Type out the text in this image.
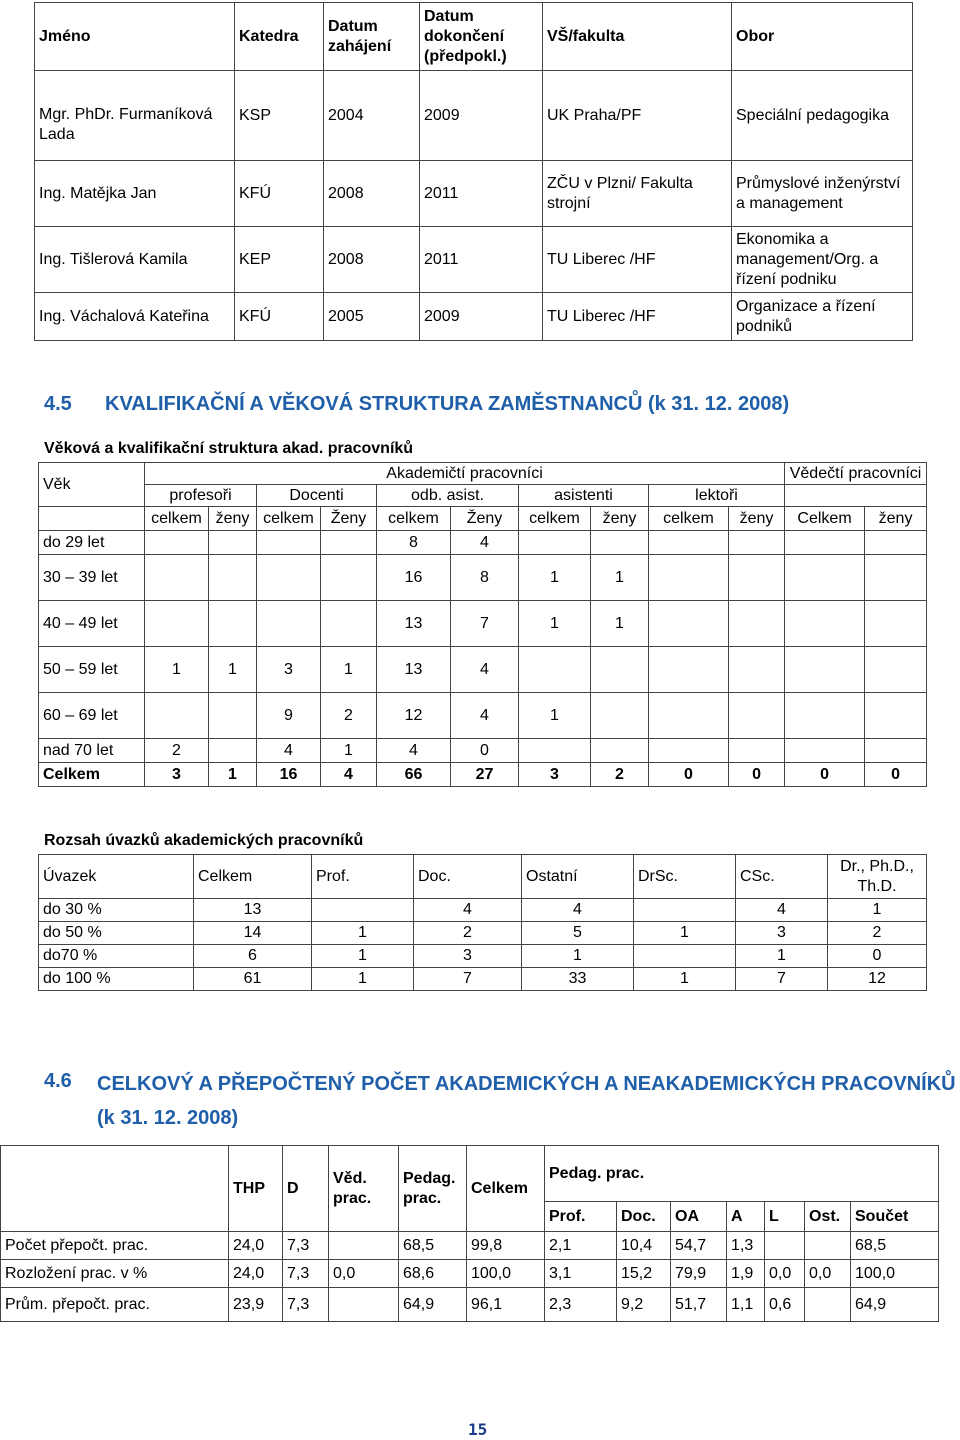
Jméno	Katedra	Datum zahájení	Datum dokončení (předpokl.)	VŠ/fakulta	Obor
Mgr. PhDr. Furmaníková Lada	KSP	2004	2009	UK Praha/PF	Speciální pedagogika
Ing. Matějka Jan	KFÚ	2008	2011	ZČU v Plzni/ Fakulta strojní	Průmyslové inženýrství a management
Ing. Tišlerová Kamila	KEP	2008	2011	TU Liberec /HF	Ekonomika a management/Org. a řízení podniku
Ing. Váchalová Kateřina	KFÚ	2005	2009	TU Liberec /HF	Organizace a řízení podniků
4.5 KVALIFIKAČNÍ A VĚKOVÁ STRUKTURA ZAMĚSTNANCŮ (k 31. 12. 2008)
Věková a kvalifikační struktura akad. pracovníků
Věk	Akademičtí pracovníci										Vědečtí pracovníci	
	profesoři		Docenti		odb. asist.		asistenti		lektoři			
	celkem	ženy	celkem	Ženy	celkem	Ženy	celkem	ženy	celkem	ženy	Celkem	ženy
do 29 let					8	4						
30 – 39 let					16	8	1	1				
40 – 49 let					13	7	1	1				
50 – 59 let	1	1	3	1	13	4						
60 – 69 let			9	2	12	4	1					
nad 70 let	2		4	1	4	0						
Celkem	3	1	16	4	66	27	3	2	0	0	0	0
Rozsah úvazků akademických pracovníků
Úvazek	Celkem	Prof.	Doc.	Ostatní	DrSc.	CSc.	Dr., Ph.D., Th.D.
do 30 %	13		4	4		4	1
do 50 %	14	1	2	5	1	3	2
do70 %	6	1	3	1		1	0
do 100 %	61	1	7	33	1	7	12
4.6 CELKOVÝ A PŘEPOČTENÝ POČET AKADEMICKÝCH A NEAKADEMICKÝCH PRACOVNÍKŮ
(k 31. 12. 2008)
	THP	D	Věd. prac.	Pedag. prac.	Celkem	Pedag. prac.						
						Prof.	Doc.	OA	A	L	Ost.	Součet
Počet přepočt. prac.	24,0	7,3		68,5	99,8	2,1	10,4	54,7	1,3			68,5
Rozložení prac. v %	24,0	7,3	0,0	68,6	100,0	3,1	15,2	79,9	1,9	0,0	0,0	100,0
Prům. přepočt. prac.	23,9	7,3		64,9	96,1	2,3	9,2	51,7	1,1	0,6		64,9
15
